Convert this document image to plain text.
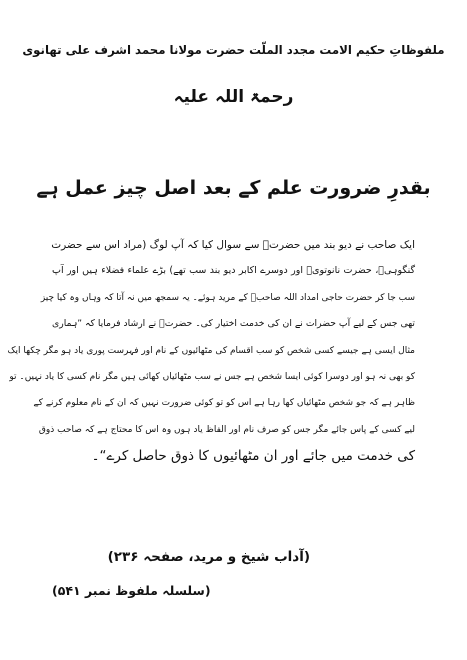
ملفوظاتِ حکیم الامت مجدد الملّت حضرت مولانا محمد اشرف علی تھانوی
رحمۃ اللہ علیہ
بقدرِ ضرورت علم کے بعد اصل چیز عمل ہے
ایک صاحب نے دیو بند میں حضرتؒ سے سوال کیا کہ آپ لوگ (مراد اس سے حضرت
گنگوہیؒ، حضرت نانوتویؒ اور دوسرے اکابر دیو بند سب تھے) بڑے علماء فضلاء ہیں اور آپ
سب جا کر حضرت حاجی امداد اللہ صاحبؒ کے مرید ہوئے۔ یہ سمجھ میں نہ آتا کہ وہاں وہ کیا چیز
تھی جس کے لیے آپ حضرات نے ان کی خدمت اختیار کی۔ حضرتؒ نے ارشاد فرمایا کہ ”ہماری
مثال ایسی ہے جیسے کسی شخص کو سب اقسام کی مٹھائیوں کے نام اور فہرست پوری یاد ہو مگر چکھا ایک
کو بھی نہ ہو اور دوسرا کوئی ایسا شخص ہے جس نے سب مٹھائیاں کھائی ہیں مگر نام کسی کا یاد نہیں۔ تو
ظاہر ہے کہ جو شخص مٹھائیاں کھا رہا ہے اس کو تو کوئی ضرورت نہیں کہ ان کے نام معلوم کرنے کے
لیے کسی کے پاس جائے مگر جس کو صرف نام اور الفاظ یاد ہوں وہ اس کا محتاج ہے کہ صاحب ذوق
کی خدمت میں جائے اور ان مٹھائیوں کا ذوق حاصل کرے“۔
(آداب شیخ و مرید، صفحہ ۲۳۶)
(سلسلہ ملفوظ نمبر ۵۴۱)
